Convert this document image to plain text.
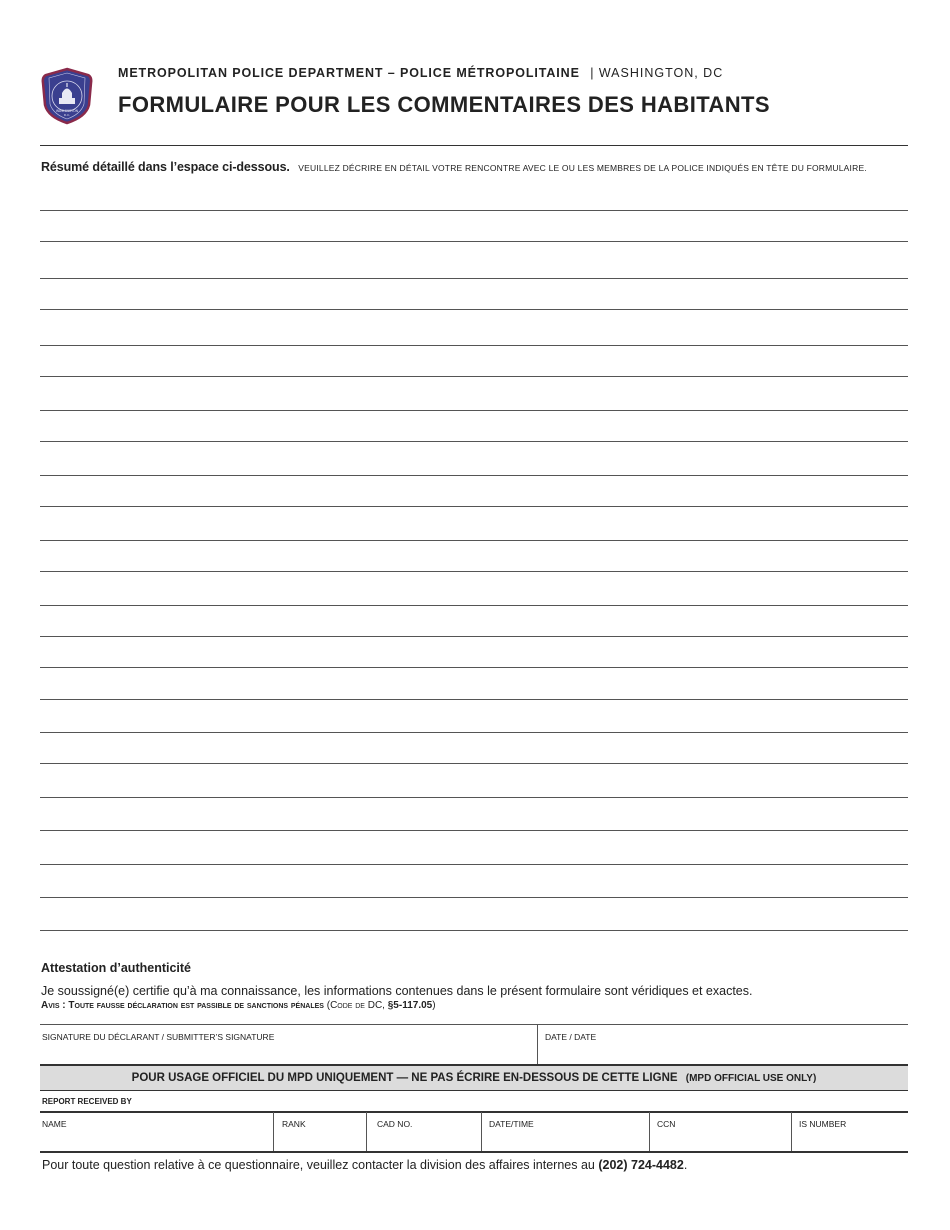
WASHINGTON
D.C.
METROPOLITAN POLICE DEPARTMENT – POLICE MÉTROPOLITAINE | WASHINGTON, DC
FORMULAIRE POUR LES COMMENTAIRES DES HABITANTS
Résumé détaillé dans l’espace ci-dessous. VEUILLEZ DÉCRIRE EN DÉTAIL VOTRE RENCONTRE AVEC LE OU LES MEMBRES DE LA POLICE INDIQUÉS EN TÊTE DU FORMULAIRE.
Attestation d’authenticité
Je soussigné(e) certifie qu’à ma connaissance, les informations contenues dans le présent formulaire sont véridiques et exactes.
Avis : Toute fausse déclaration est passible de sanctions pénales (Code de DC, §5-117.05)
SIGNATURE DU DÉCLARANT / SUBMITTER’S SIGNATURE	DATE / DATE
POUR USAGE OFFICIEL DU MPD UNIQUEMENT — NE PAS ÉCRIRE EN-DESSOUS DE CETTE LIGNE (MPD OFFICIAL USE ONLY)
REPORT RECEIVED BY
NAME	RANK	CAD NO.	DATE/TIME	CCN	IS NUMBER
Pour toute question relative à ce questionnaire, veuillez contacter la division des affaires internes au (202) 724-4482.
